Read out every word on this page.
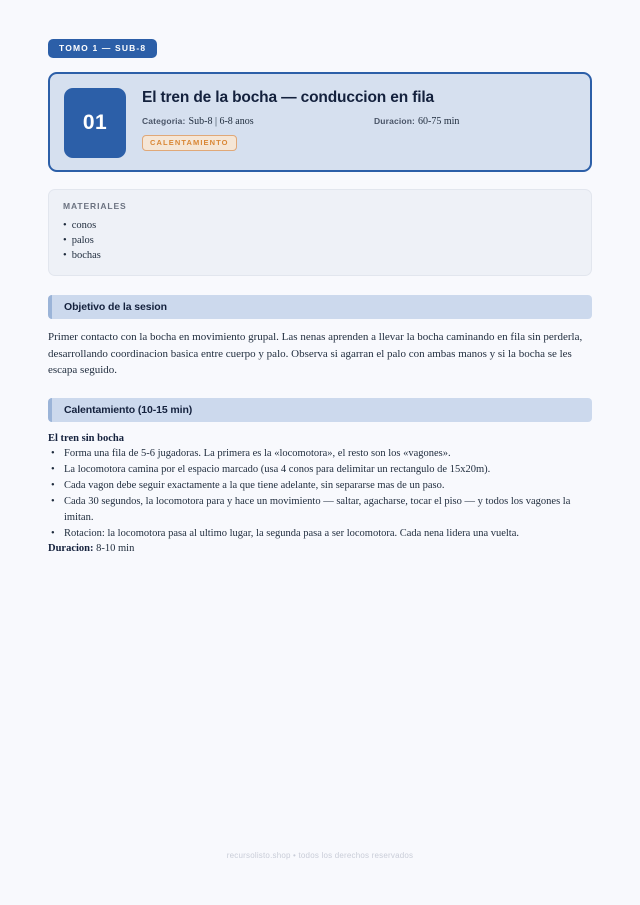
TOMO 1 — SUB-8
01
El tren de la bocha — conduccion en fila
Categoria: Sub-8 | 6-8 anos	Duracion: 60-75 min
CALENTAMIENTO
MATERIALES
• conos
• palos
• bochas
Objetivo de la sesion

Primer contacto con la bocha en movimiento grupal. Las nenas aprenden a llevar la bocha caminando en fila sin perderla, desarrollando coordinacion basica entre cuerpo y palo. Observa si agarran el palo con ambas manos y si la bocha se les escapa seguido.

Calentamiento (10-15 min)
El tren sin bocha
• Forma una fila de 5-6 jugadoras. La primera es la «locomotora», el resto son los «vagones».
• La locomotora camina por el espacio marcado (usa 4 conos para delimitar un rectangulo de 15x20m).
• Cada vagon debe seguir exactamente a la que tiene adelante, sin separarse mas de un paso.
• Cada 30 segundos, la locomotora para y hace un movimiento — saltar, agacharse, tocar el piso — y todos los vagones la imitan.
• Rotacion: la locomotora pasa al ultimo lugar, la segunda pasa a ser locomotora. Cada nena lidera una vuelta.
Duracion: 8-10 min
recursolisto.shop • todos los derechos reservados
